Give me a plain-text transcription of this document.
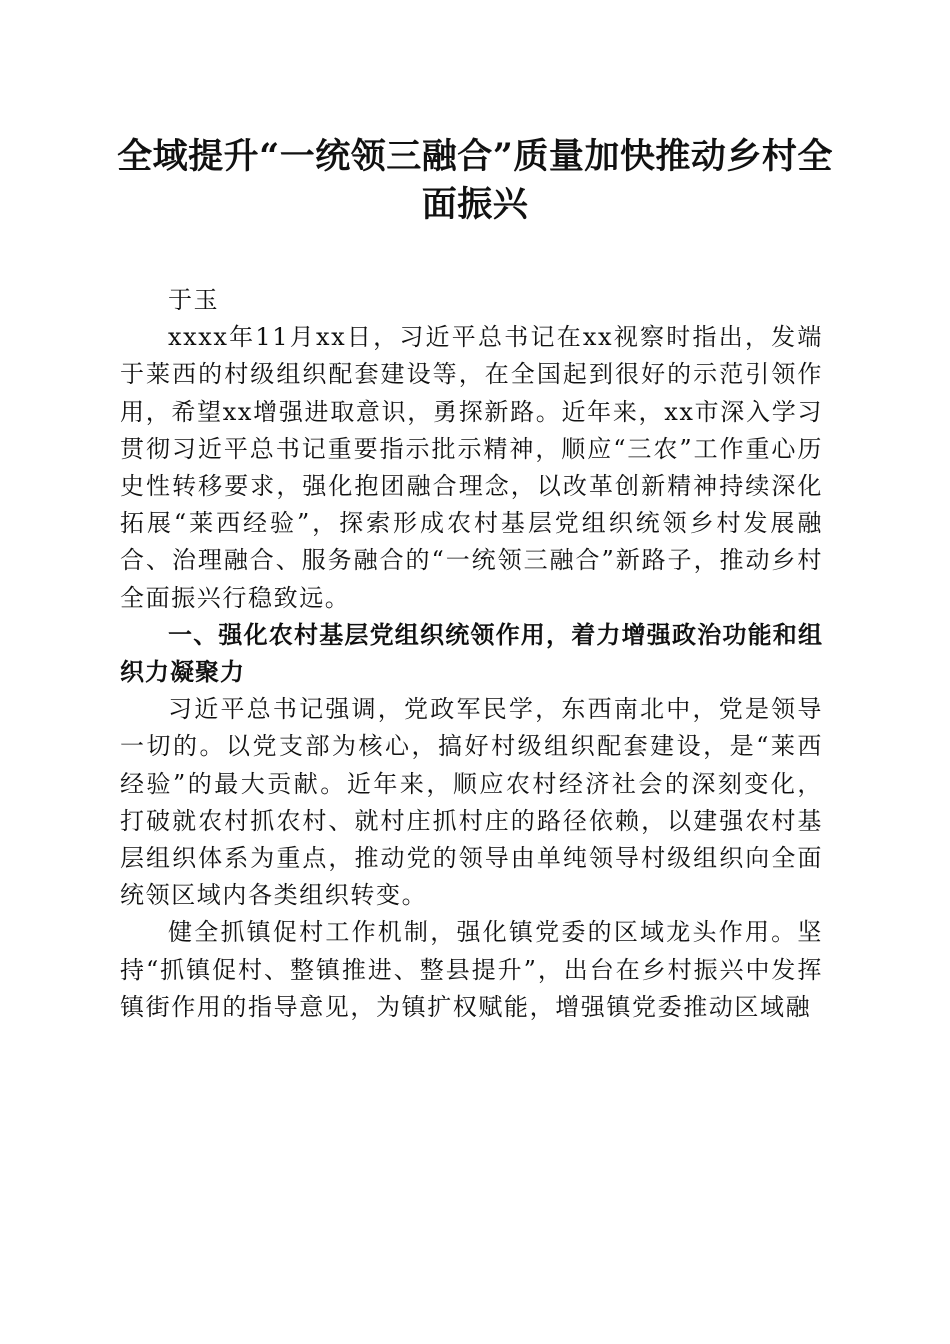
全域提升“一统领三融合”质量加快推动乡村全面振兴

于玉

xxxx年11月xx日，习近平总书记在xx视察时指出，发端于莱西的村级组织配套建设等，在全国起到很好的示范引领作用，希望xx增强进取意识，勇探新路。近年来，xx市深入学习贯彻习近平总书记重要指示批示精神，顺应“三农”工作重心历史性转移要求，强化抱团融合理念，以改革创新精神持续深化拓展“莱西经验”，探索形成农村基层党组织统领乡村发展融合、治理融合、服务融合的“一统领三融合”新路子，推动乡村全面振兴行稳致远。

一、强化农村基层党组织统领作用，着力增强政治功能和组织力凝聚力

习近平总书记强调，党政军民学，东西南北中，党是领导一切的。以党支部为核心，搞好村级组织配套建设，是“莱西经验”的最大贡献。近年来，顺应农村经济社会的深刻变化，打破就农村抓农村、就村庄抓村庄的路径依赖，以建强农村基层组织体系为重点，推动党的领导由单纯领导村级组织向全面统领区域内各类组织转变。

健全抓镇促村工作机制，强化镇党委的区域龙头作用。坚持“抓镇促村、整镇推进、整县提升”，出台在乡村振兴中发挥镇街作用的指导意见，为镇扩权赋能，增强镇党委推动区域融
